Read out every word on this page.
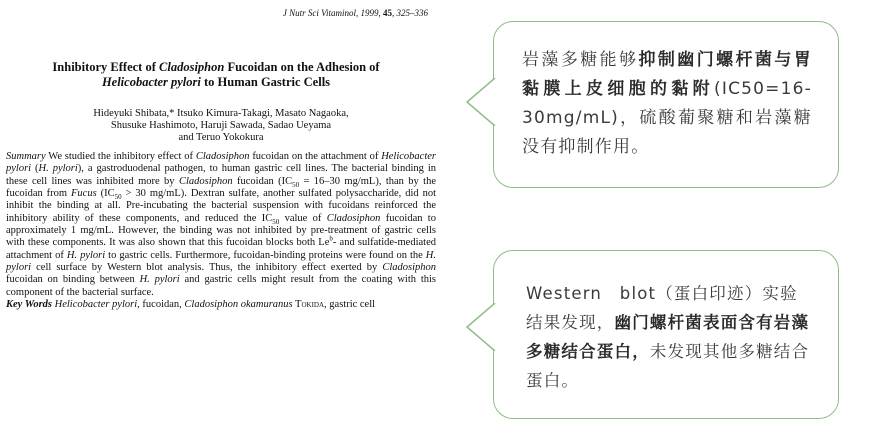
J Nutr Sci Vitaminol, 1999, 45, 325–336
Inhibitory Effect of Cladosiphon Fucoidan on the Adhesion of
Helicobacter pylori to Human Gastric Cells
Hideyuki Shibata,* Itsuko Kimura-Takagi, Masato Nagaoka,
Shusuke Hashimoto, Haruji Sawada, Sadao Ueyama
and Teruo Yokokura

Summary We studied the inhibitory effect of Cladosiphon fucoidan on the attachment of Helicobacter pylori (H. pylori), a gastroduodenal pathogen, to human gastric cell lines. The bacterial binding in these cell lines was inhibited more by Cladosiphon fucoidan ($IC_{50} = 16-30$ mg/mL), than by the fucoidan from Fucus ($IC_{50} > 30$ mg/mL). Dextran sulfate, another sulfated polysaccharide, did not inhibit the binding at all. Pre-incubating the bacterial suspension with fucoidans reinforced the inhibitory ability of these components, and reduced the $IC_{50}$ value of Cladosiphon fucoidan to approximately 1 mg/mL. However, the binding was not inhibited by pre-treatment of gastric cells with these components. It was also shown that this fucoidan blocks both Le$^b$- and sulfatide-mediated attachment of H. pylori to gastric cells. Furthermore, fucoidan-binding proteins were found on the H. pylori cell surface by Western blot analysis. Thus, the inhibitory effect exerted by Cladosiphon fucoidan on binding between H. pylori and gastric cells might result from the coating with this component of the bacterial surface.

Key Words Helicobacter pylori, fucoidan, Cladosiphon okamuranus Tokida, gastric cell

岩藻多糖能够抑制幽门螺杆菌与胃黏膜上皮细胞的黏附(IC50=16-30mg/mL)，硫酸葡聚糖和岩藻糖没有抑制作用。
Western　blot（蛋白印迹）实验结果发现，幽门螺杆菌表面含有岩藻多糖结合蛋白，未发现其他多糖结合蛋白。
